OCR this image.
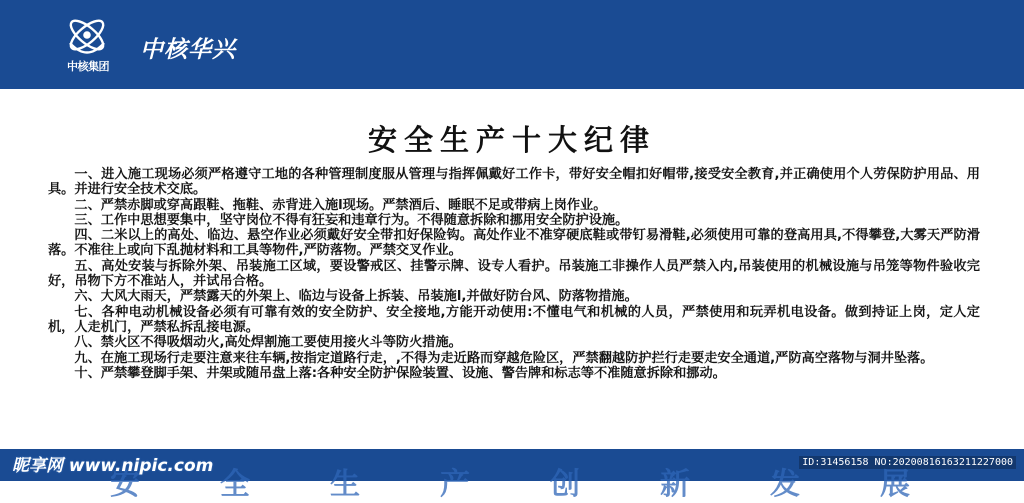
中核集团
中核华兴
安全生产十大纪律
一、进入施工现场必须严格遵守工地的各种管理制度服从管理与指挥佩戴好工作卡，带好安全帽扣好帽带,接受安全教育,并正确使用个人劳保防护用品、用具。并进行安全技术交底。
二、严禁赤脚或穿高跟鞋、拖鞋、赤背进入施l现场。严禁酒后、睡眠不足或带病上岗作业。
三、工作中思想要集中，坚守岗位不得有狂妄和违章行为。不得随意拆除和挪用安全防护设施。
四、二米以上的高处、临边、悬空作业必须戴好安全带扣好保险钩。高处作业不准穿硬底鞋或带钉易滑鞋,必须使用可靠的登高用具,不得攀登,大雾天严防滑落。不准往上或向下乱抛材料和工具等物件,严防落物。严禁交叉作业。
五、高处安装与拆除外架、吊装施工区域，要设警戒区、挂警示牌、设专人看护。吊装施工非操作人员严禁入内,吊装使用的机械设施与吊笼等物件验收完好，吊物下方不准站人，并试吊合格。
六、大风大雨天，严禁露天的外架上、临边与设备上拆装、吊装施l,并做好防台风、防落物措施。
七、各种电动机械设备必须有可靠有效的安全防护、安全接地,方能开动使用:不懂电气和机械的人员，严禁使用和玩弄机电设备。做到持证上岗，定人定机，人走机门，严禁私拆乱接电源。
八、禁火区不得吸烟动火,高处焊割施工要使用接火斗等防火措施。
九、在施工现场行走要注意来往车辆,按指定道路行走，,不得为走近路而穿越危险区，严禁翻越防护拦行走要走安全通道,严防高空落物与洞井坠落。
十、严禁攀登脚手架、井架或随吊盘上落:各种安全防护保险装置、设施、警告牌和标志等不准随意拆除和挪动。
安全生产创新发展
昵享网 www.nipic.com	ID:31456158 NO:20200816163211227000
